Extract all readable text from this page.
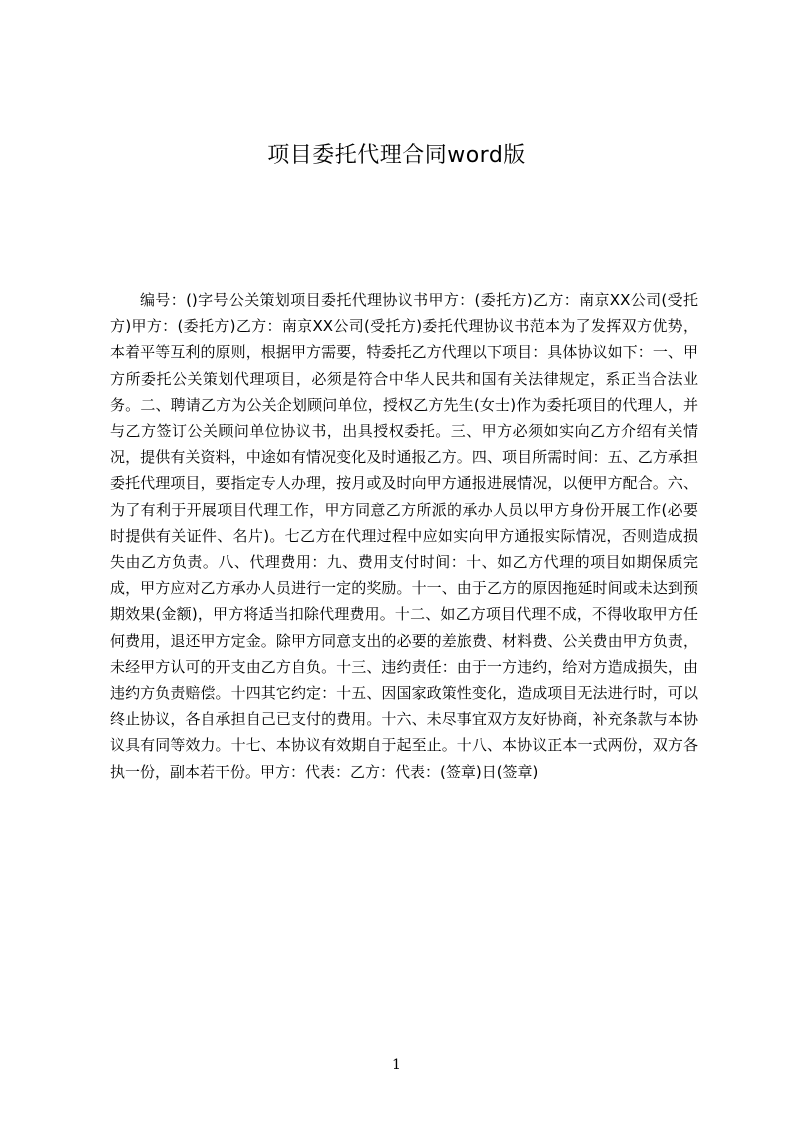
项目委托代理合同word版

编号：()字号公关策划项目委托代理协议书甲方：(委托方)乙方：南京XX公司(受托方)甲方：(委托方)乙方：南京XX公司(受托方)委托代理协议书范本为了发挥双方优势，本着平等互利的原则，根据甲方需要，特委托乙方代理以下项目：具体协议如下：一、甲方所委托公关策划代理项目，必须是符合中华人民共和国有关法律规定，系正当合法业务。二、聘请乙方为公关企划顾问单位，授权乙方先生(女士)作为委托项目的代理人，并与乙方签订公关顾问单位协议书，出具授权委托。三、甲方必须如实向乙方介绍有关情况，提供有关资料，中途如有情况变化及时通报乙方。四、项目所需时间：五、乙方承担委托代理项目，要指定专人办理，按月或及时向甲方通报进展情况，以便甲方配合。六、为了有利于开展项目代理工作，甲方同意乙方所派的承办人员以甲方身份开展工作(必要时提供有关证件、名片)。七乙方在代理过程中应如实向甲方通报实际情况，否则造成损失由乙方负责。八、代理费用：九、费用支付时间：十、如乙方代理的项目如期保质完成，甲方应对乙方承办人员进行一定的奖励。十一、由于乙方的原因拖延时间或未达到预期效果(金额)，甲方将适当扣除代理费用。十二、如乙方项目代理不成，不得收取甲方任何费用，退还甲方定金。除甲方同意支出的必要的差旅费、材料费、公关费由甲方负责，未经甲方认可的开支由乙方自负。十三、违约责任：由于一方违约，给对方造成损失，由违约方负责赔偿。十四其它约定：十五、因国家政策性变化，造成项目无法进行时，可以终止协议，各自承担自己已支付的费用。十六、未尽事宜双方友好协商，补充条款与本协议具有同等效力。十七、本协议有效期自于起至止。十八、本协议正本一式两份，双方各执一份，副本若干份。甲方：代表：乙方：代表：(签章)日(签章)

1
